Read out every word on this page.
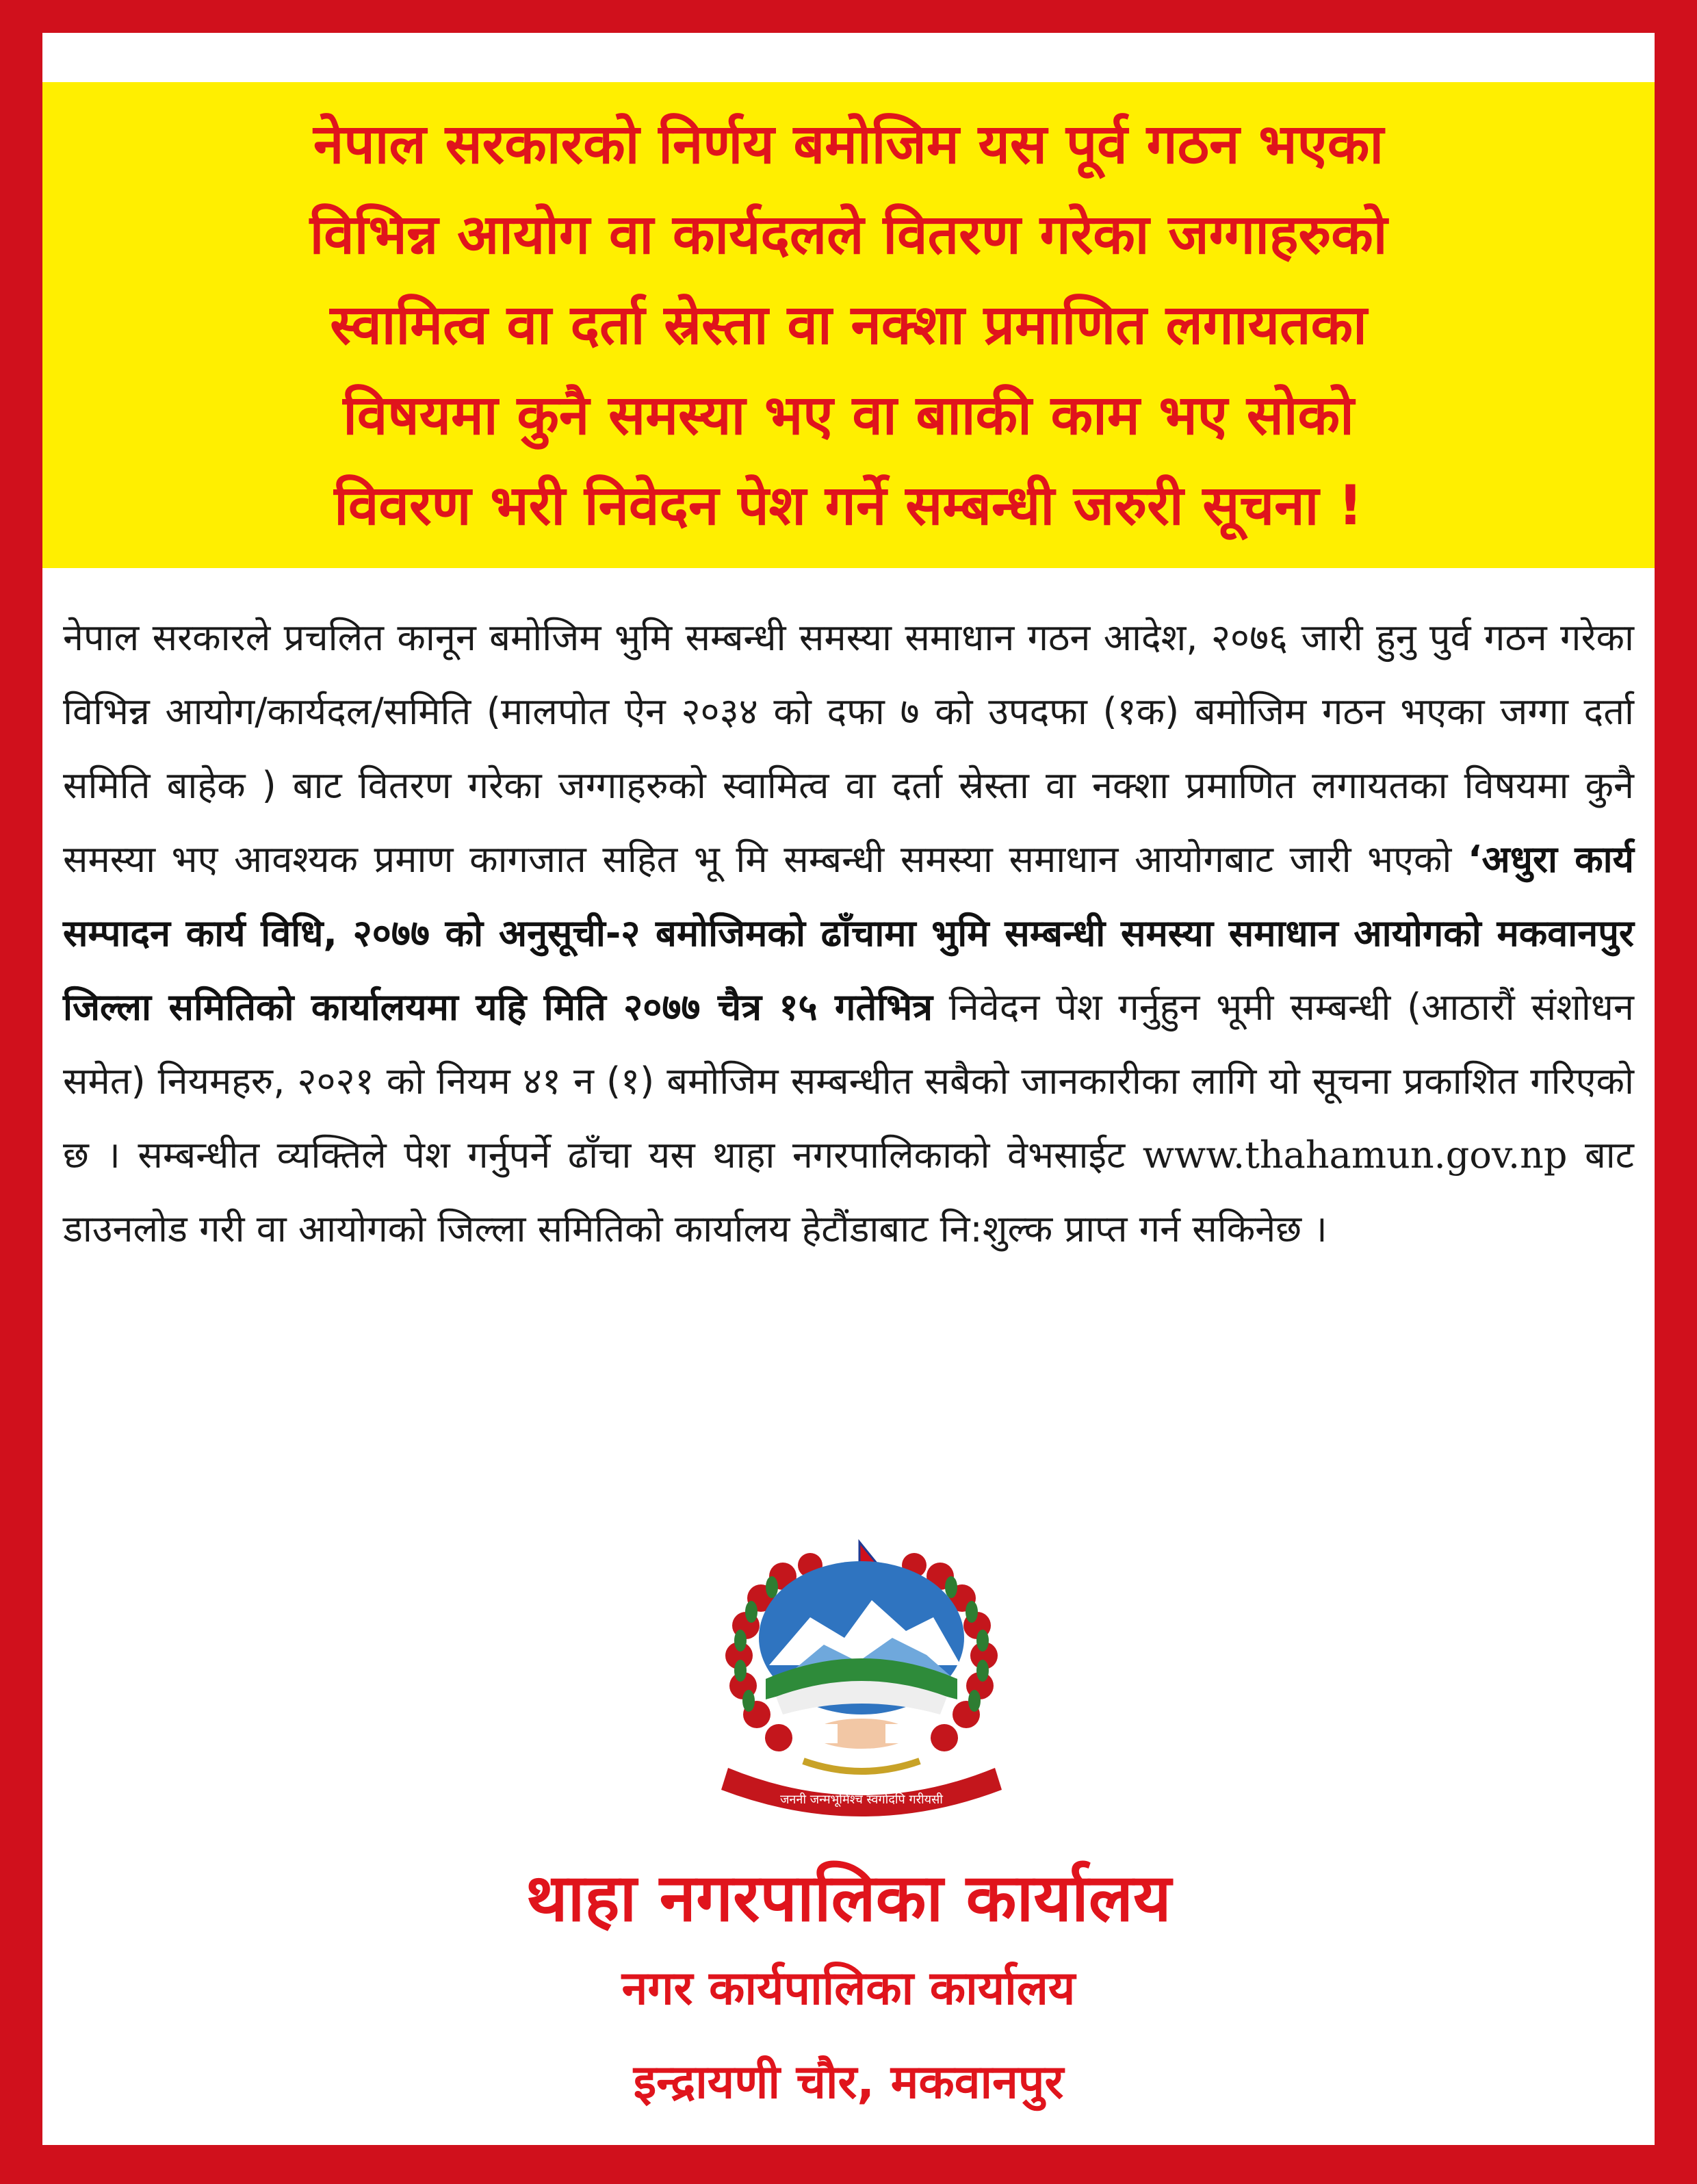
नेपाल सरकारको निर्णय बमोजिम यस पूर्व गठन भएका
विभिन्न आयोग वा कार्यदलले वितरण गरेका जग्गाहरुको
स्वामित्व वा दर्ता स्रेस्ता वा नक्शा प्रमाणित लगायतका
विषयमा कुनै समस्या भए वा बााकी काम भए सोको
विवरण भरी निवेदन पेश गर्ने सम्बन्धी जरुरी सूचना !
नेपाल सरकारले प्रचलित कानून बमोजिम भुमि सम्बन्धी समस्या समाधान गठन आदेश, २०७६ जारी हुनु पुर्व गठन गरेका विभिन्न आयोग/कार्यदल/समिति (मालपोत ऐन २०३४ को दफा ७ को उपदफा (१क) बमोजिम गठन भएका जग्गा दर्ता समिति बाहेक ) बाट वितरण गरेका जग्गाहरुको स्वामित्व वा दर्ता स्रेस्ता वा नक्शा प्रमाणित लगायतका विषयमा कुनै समस्या भए आवश्यक प्रमाण कागजात सहित भू मि सम्बन्धी समस्या समाधान आयोगबाट जारी भएको ‘अधुरा कार्य सम्पादन कार्य विधि, २०७७ को अनुसूची-२ बमोजिमको ढाँचामा भुमि सम्बन्धी समस्या समाधान आयोगको मकवानपुर जिल्ला समितिको कार्यालयमा यहि मिति २०७७ चैत्र १५ गतेभित्र निवेदन पेश गर्नुहुन भूमी सम्बन्धी (आठारौं संशोधन समेत) नियमहरु, २०२१ को नियम ४१ न (१) बमोजिम सम्बन्धीत सबैको जानकारीका लागि यो सूचना प्रकाशित गरिएको छ । सम्बन्धीत व्यक्तिले पेश गर्नुपर्ने ढाँचा यस थाहा नगरपालिकाको वेभसाईट www.thahamun.gov.np बाट डाउनलोड गरी वा आयोगको जिल्ला समितिको कार्यालय हेटौंडाबाट नि:शुल्क प्राप्त गर्न सकिनेछ ।
जननी जन्मभूमिश्च स्वर्गादपि गरीयसी
थाहा नगरपालिका कार्यालय
नगर कार्यपालिका कार्यालय
इन्द्रायणी चौर, मकवानपुर
